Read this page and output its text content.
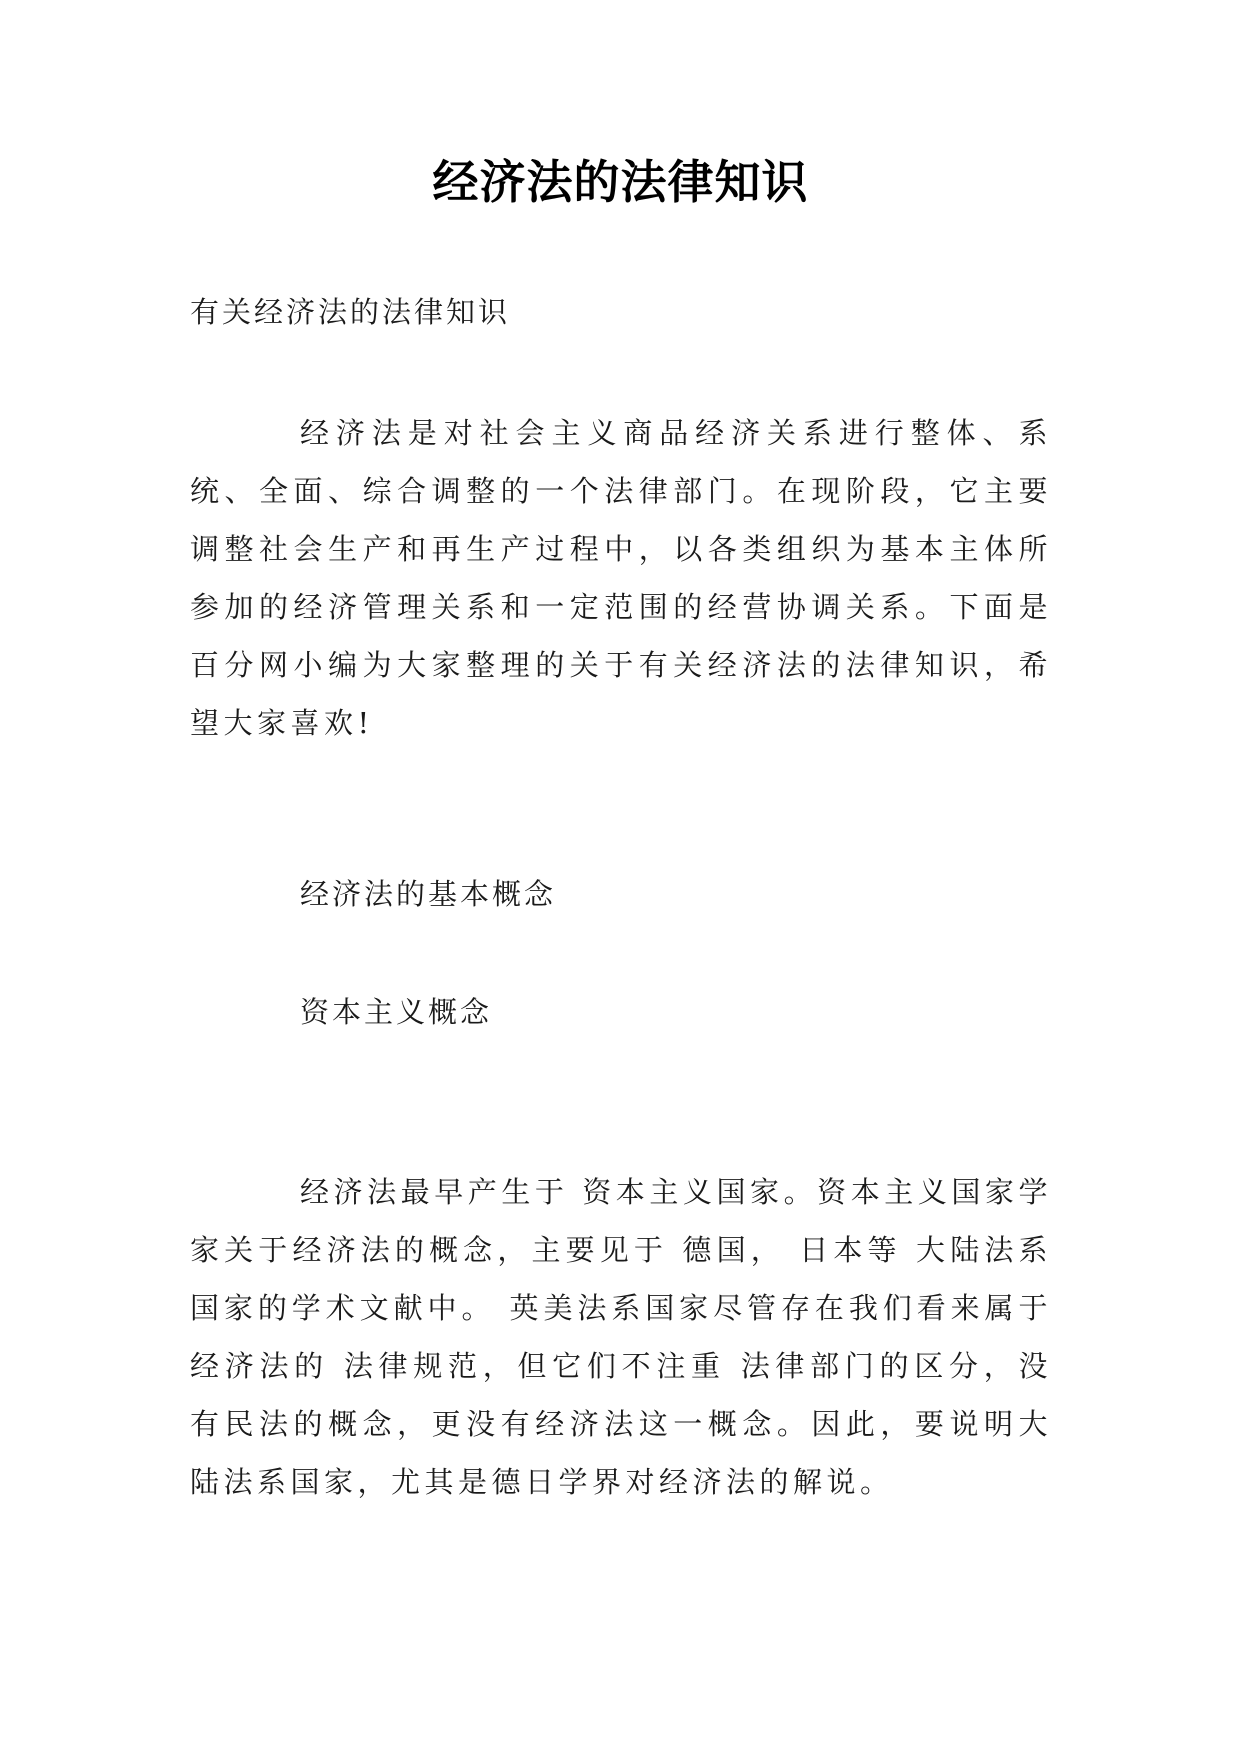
经济法的法律知识
有关经济法的法律知识

经济法是对社会主义商品经济关系进行整体、系统、全面、综合调整的一个法律部门。在现阶段，它主要调整社会生产和再生产过程中，以各类组织为基本主体所参加的经济管理关系和一定范围的经营协调关系。下面是百分网小编为大家整理的关于有关经济法的法律知识，希望大家喜欢!

经济法的基本概念
资本主义概念

经济法最早产生于 资本主义国家。资本主义国家学家关于经济法的概念，主要见于 德国， 日本等 大陆法系国家的学术文献中。 英美法系国家尽管存在我们看来属于经济法的 法律规范，但它们不注重 法律部门的区分，没有民法的概念，更没有经济法这一概念。因此，要说明大陆法系国家，尤其是德日学界对经济法的解说。
